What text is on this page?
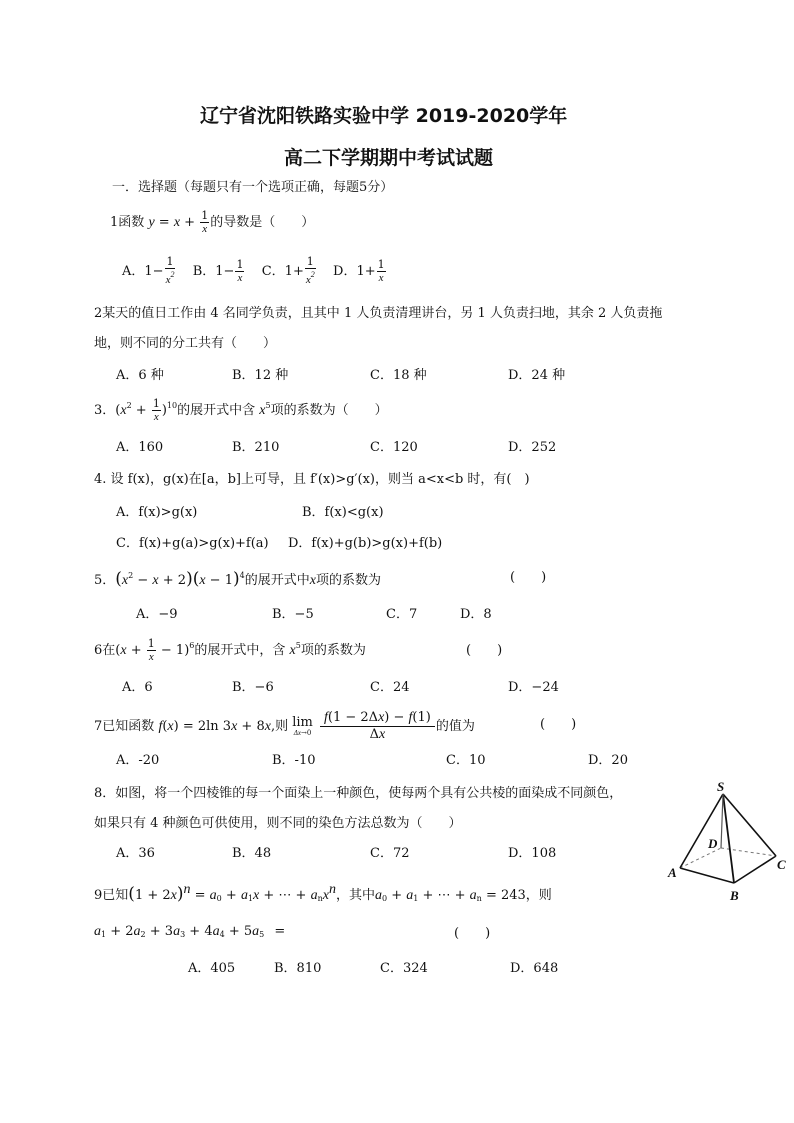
辽宁省沈阳铁路实验中学 2019-2020学年
高二下学期期中考试试题
一．选择题（每题只有一个选项正确，每题5分）
1函数 $y = x + \frac{1}{x}$ 的导数是（　　）
A．$1- \frac{1}{x^2}$ B．$1- \frac{1}{x}$ C．$1+ \frac{1}{x^2}$ D．$1+ \frac{1}{x}$
2某天的值日工作由 4 名同学负责，且其中 1 人负责清理讲台，另 1 人负责扫地，其余 2 人负责拖
地，则不同的分工共有（　　）
A．6 种	B．12 种	C．18 种	D．24 种
3．$(x^2 + \frac{1}{x} )^{10}$的展开式中含 $x^5$项的系数为（　　）
A．160	B．210	C．120	D．252
4. 设 f(x)，g(x)在[a，b]上可导，且 f′(x)>g′(x)，则当 a<x<b 时，有(　)
A．f(x)>g(x)	B．f(x)<g(x)
C．f(x)+g(a)>g(x)+f(a) D．f(x)+g(b)>g(x)+f(b)
5．$(x^2 - x + 2)(x - 1)^4$的展开式中x项的系数为	(　　)
A．−9	B．−5	C．7	D．8
6在$(x + \frac{1}{x} - 1)^6$的展开式中，含 $x^5$项的系数为	(　　)
A．6	B．−6	C．24	D．−24
7已知函数 f(x) = 2ln 3x + 8x,则 lim
Δx→0
$\frac{f(1 - 2\Delta x) - f(1)}{\Delta x}$ 的值为	(　　)
A．-20	B．-10	C．10	D．20
8．如图，将一个四棱锥的每一个面染上一种颜色，使每两个具有公共棱的面染成不同颜色，
如果只有 4 种颜色可供使用，则不同的染色方法总数为（　　）
A．36	B．48	C．72	D．108
S
D
A
B
C
9已知$(1 + 2x)^n = a_0 + a_1x$ + ⋯ + $a_nx^n$，其中$a_0 + a_1$ + ⋯ + $a_n = 243$，则
$a_1 + 2a_2 + 3a_3 + 4a_4 + 5a_5$ =	(　　)
A．405	B．810	C．324	D．648
